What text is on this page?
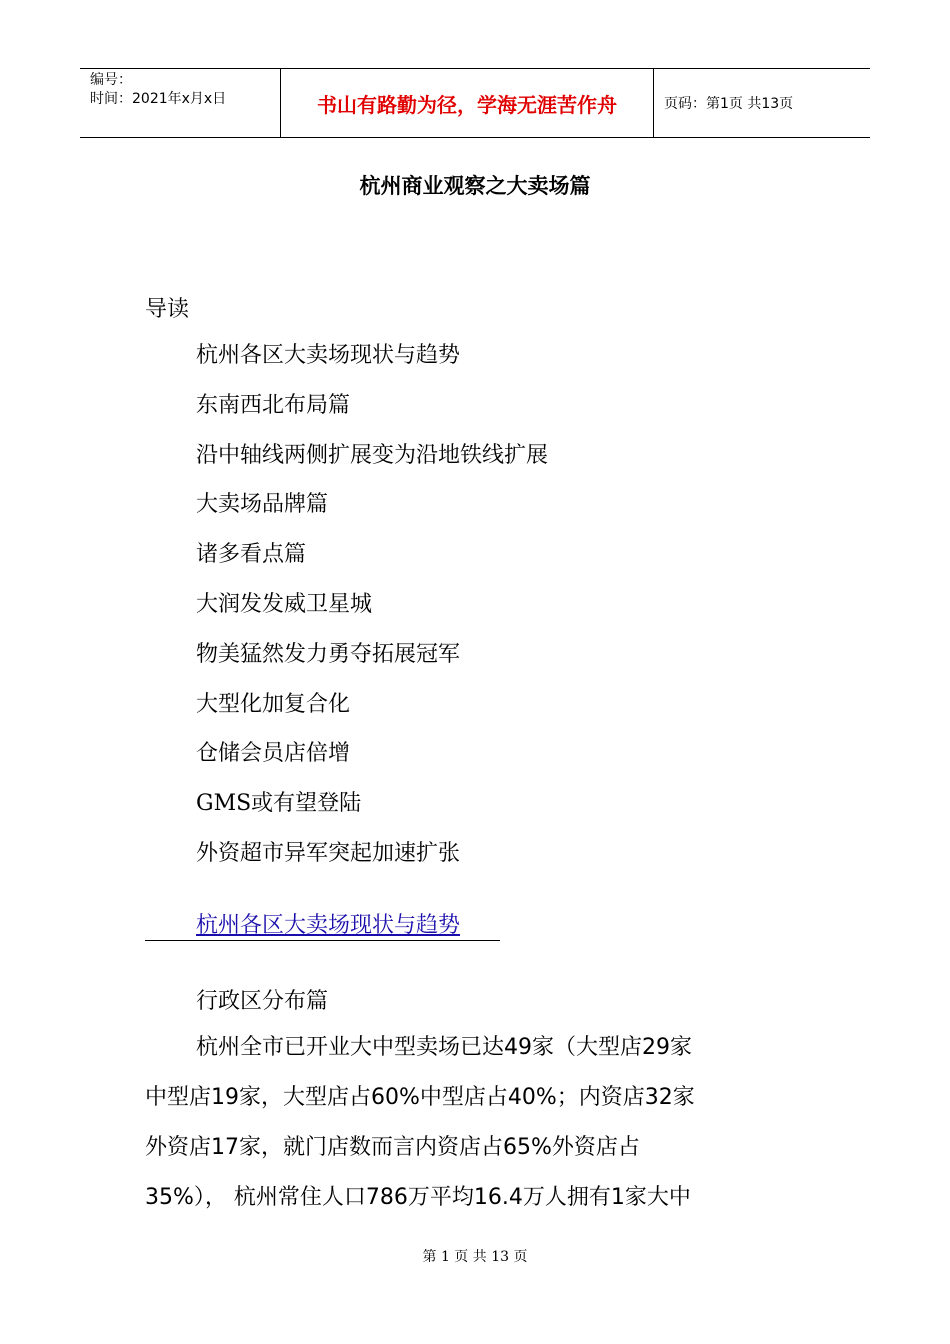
编号：
时间：2021年x月x日	书山有路勤为径，学海无涯苦作舟	页码：第1页 共13页
杭州商业观察之大卖场篇
导读
杭州各区大卖场现状与趋势
东南西北布局篇
沿中轴线两侧扩展变为沿地铁线扩展
大卖场品牌篇
诸多看点篇
大润发发威卫星城
物美猛然发力勇夺拓展冠军
大型化加复合化
仓储会员店倍增
GMS或有望登陆
外资超市异军突起加速扩张
杭州各区大卖场现状与趋势
行政区分布篇
杭州全市已开业大中型卖场已达49家（大型店29家
中型店19家，大型店占60%中型店占40%；内资店32家
外资店17家，就门店数而言内资店占65%外资店占
35%）， 杭州常住人口786万平均16.4万人拥有1家大中
第 1 页 共 13 页
